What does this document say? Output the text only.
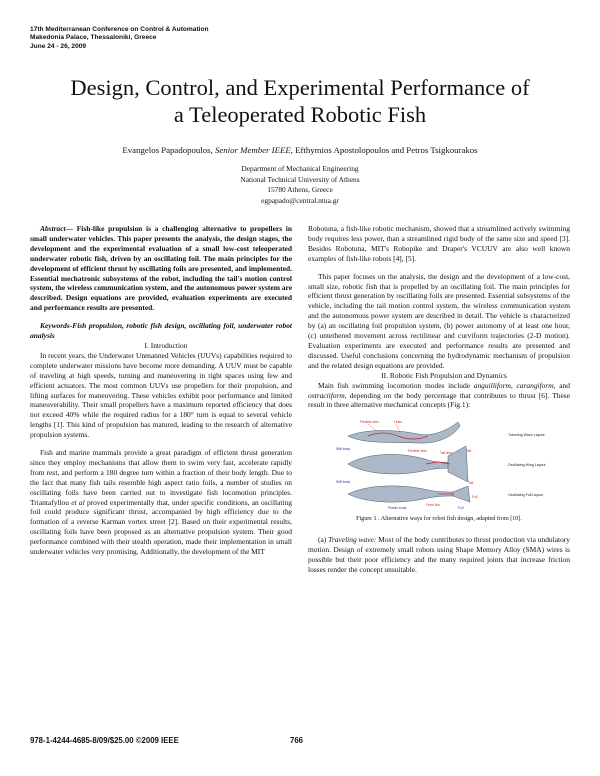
17th Mediterranean Conference on Control & Automation
Makedonia Palace, Thessaloniki, Greece
June 24 - 26, 2009
Design, Control, and Experimental Performance of
a Teleoperated Robotic Fish
Evangelos Papadopoulos, Senior Member IEEE, Efthymios Apostolopoulos and Petros Tsigkourakos
Department of Mechanical Engineering
National Technical University of Athens
15780 Athens, Greece
egpapado@central.ntua.gr

Abstract— Fish-like propulsion is a challenging alternative to propellers in small underwater vehicles. This paper presents the analysis, the design stages, the development and the experimental evaluation of a small low-cost teleoperated underwater robotic fish, driven by an oscillating foil. The main principles for the development of efficient thrust by oscillating foils are presented, and implemented. Essential mechatronic subsystems of the robot, including the tail's motion control system, the wireless communication system, and the autonomous power system are described. Design equations are provided, evaluation experiments are executed and performance results are presented.

Keywords-Fish propulsion, robotic fish design, oscillating foil, underwater robot analysis

I. Introduction

In recent years, the Underwater Unmanned Vehicles (UUVs) capabilities required to complete underwater missions have become more demanding. A UUV must be capable of traveling at high speeds, turning and maneuvering in tight spaces using few and efficient actuators. The most common UUVs use propellers for their propulsion, and lifting surfaces for maneuvering. These vehicles exhibit poor performance and limited maneuverability. Their small propellers have a maximum reported efficiency that does not exceed 40% while the required radius for a 180° turn is equal to several vehicle lengths [1]. This kind of propulsion has matured, leading to the research of alternative propulsion systems.

Fish and marine mammals provide a great paradigm of efficient thrust generation since they employ mechanisms that allow them to swim very fast, accelerate rapidly from rest, and perform a 180 degree turn within a fraction of their body length. Due to the fact that many fish tails resemble high aspect ratio foils, a number of studies on oscillating foils have been carried out to investigate fish locomotion principles. Triantafyllou et al proved experimentally that, under specific conditions, an oscillating foil could produce significant thrust, accompanied by high efficiency due to the formation of a reverse Karman vortex street [2]. Based on their experimental results, oscillating foils have been proposed as an alternative propulsion system. Their good performance combined with their stealth operation, made their implementation in small underwater vehicles very promising. Additionally, the development of the MIT

Robotuna, a fish-like robotic mechanism, showed that a streamlined actively swimming body requires less power, than a streamlined rigid body of the same size and speed [3]. Besides Robotuna, MIT's Robopike and Draper's VCUUV are also well known examples of fish-like robots [4], [5].

This paper focuses on the analysis, the design and the development of a low-cost, small size, robotic fish that is propelled by an oscillating foil. The main principles for efficient thrust generation by oscillating foils are presented. Essential subsystems of the vehicle, including the tail motion control system, the wireless communication system and the autonomous power system are described in detail. The vehicle is characterized by (a) an oscillating foil propulsion system, (b) power autonomy of at least one hour, (c) untethered movement across rectilinear and curviform trajectories (2-D motion). Evaluation experiments are executed and performance results are presented and discussed. Useful conclusions concerning the hydrodynamic mechanism of propulsion and the related design equations are provided.

II. Robotic Fish Propulsion and Dynamics

Main fish swimming locomotion modes include anguilliform, carangiform, and ostraciiform, depending on the body percentage that contributes to thrust [6]. These result in three alternative mechanical concepts (Fig.1):

Flexible skin	Links
Traveling Wave Layout
Stiff body	Flexible skin	Tail links	Tail
Oscillating Wing Layout
Stiff body	Tail
Foil
Front link
Plastic body	Foil
Oscillating Foil Layout

Figure 1 . Alternative ways for robot fish design, adapted from [10].

(a) Traveling wave: Most of the body contributes to thrust production via undulatory motion. Design of extremely small robots using Shape Memory Alloy (SMA) wires is possible but their poor efficiency and the many required joints that increase friction losses render the concept unsuitable.

978-1-4244-4685-8/09/$25.00 ©2009 IEEE	766
